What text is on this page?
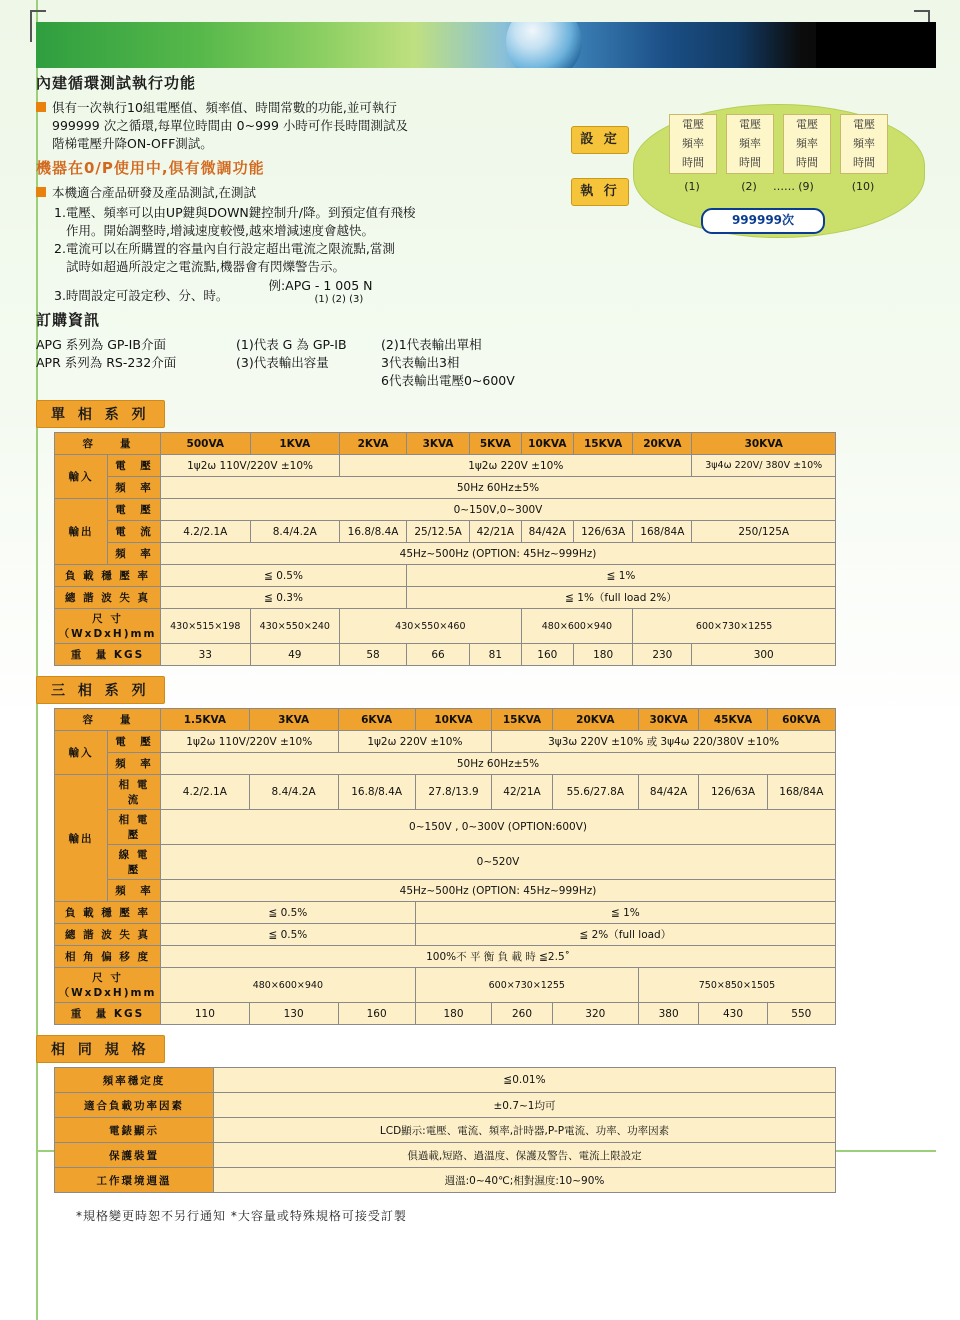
設 定
執 行
電壓
頻率
時間
電壓
頻率
時間
電壓
頻率
時間
電壓
頻率
時間
(1)	(2)	…… (9)	(10)
999999次
內建循環測試執行功能
俱有一次執行10組電壓值、頻率值、時間常數的功能,並可執行
999999 次之循環,每單位時間由 0~999 小時可作長時間測試及
階梯電壓升降ON-OFF測試。
機器在0/P使用中,俱有微調功能
本機適合產品研發及產品測試,在測試
1.電壓、頻率可以由UP鍵與DOWN鍵控制升/降。到預定值有飛梭
作用。開始調整時,增減速度較慢,越來增減速度會越快。
2.電流可以在所購置的容量內自行設定超出電流之限流點,當測
試時如超過所設定之電流點,機器會有閃爍警告示。
3.時間設定可設定秒、分、時。
例:APG - 1 005 N
(1) (2) (3)
訂購資訊
APG 系列為 GP-IB介面
APR 系列為 RS-232介面
(1)代表 G 為 GP-IB
(3)代表輸出容量
(2)1代表輸出單相
3代表輸出3相
6代表輸出電壓0~600V
單 相 系 列
容　　量		500VA	1KVA	2KVA	3KVA	5KVA	10KVA	15KVA	20KVA	30KVA
輸入	電　壓	1ψ2ω 110V/220V ±10%		1ψ2ω 220V ±10%						3ψ4ω 220V/ 380V ±10%
	頻　率	50Hz 60Hz±5%								
輸出	電　壓	0~150V,0~300V								
	電　流	4.2/2.1A	8.4/4.2A	16.8/8.4A	25/12.5A	42/21A	84/42A	126/63A	168/84A	250/125A
	頻　率	45Hz~500Hz (OPTION: 45Hz~999Hz)								
負 載 穩 壓 率		≦ 0.5%			≦ 1%					
總 諧 波 失 真		≦ 0.3%			≦ 1%（full load 2%）					
尺 寸（WxDxH)mm		430×515×198	430×550×240	430×550×460			480×600×940		600×730×1255	
重　量 KGS		33	49	58	66	81	160	180	230	300
三 相 系 列
容　　量		1.5KVA	3KVA	6KVA	10KVA	15KVA	20KVA	30KVA	45KVA	60KVA
輸入	電　壓	1ψ2ω 110V/220V ±10%		1ψ2ω 220V ±10%		3ψ3ω 220V ±10% 或 3ψ4ω 220/380V ±10%				
	頻　率	50Hz 60Hz±5%								
輸出	相 電 流	4.2/2.1A	8.4/4.2A	16.8/8.4A	27.8/13.9	42/21A	55.6/27.8A	84/42A	126/63A	168/84A
	相 電 壓	0~150V , 0~300V (OPTION:600V)								
	線 電 壓	0~520V								
	頻　率	45Hz~500Hz (OPTION: 45Hz~999Hz)								
負 載 穩 壓 率		≦ 0.5%			≦ 1%					
總 諧 波 失 真		≦ 0.5%			≦ 2%（full load）					
相 角 偏 移 度		100%不 平 衡 負 載 時 ≦2.5˚								
尺 寸（WxDxH)mm		480×600×940			600×730×1255			750×850×1505		
重　量 KGS		110	130	160	180	260	320	380	430	550
相 同 規 格
頻率穩定度	≦0.01%
適合負載功率因素	±0.7~1均可
電錶顯示	LCD顯示:電壓、電流、頻率,計時器,P-P電流、功率、功率因素
保護裝置	俱過載,短路、過溫度、保護及警告、電流上限設定
工作環境週溫	週溫:0~40℃;相對濕度:10~90%
*規格變更時恕不另行通知 *大容量或特殊規格可接受訂製
